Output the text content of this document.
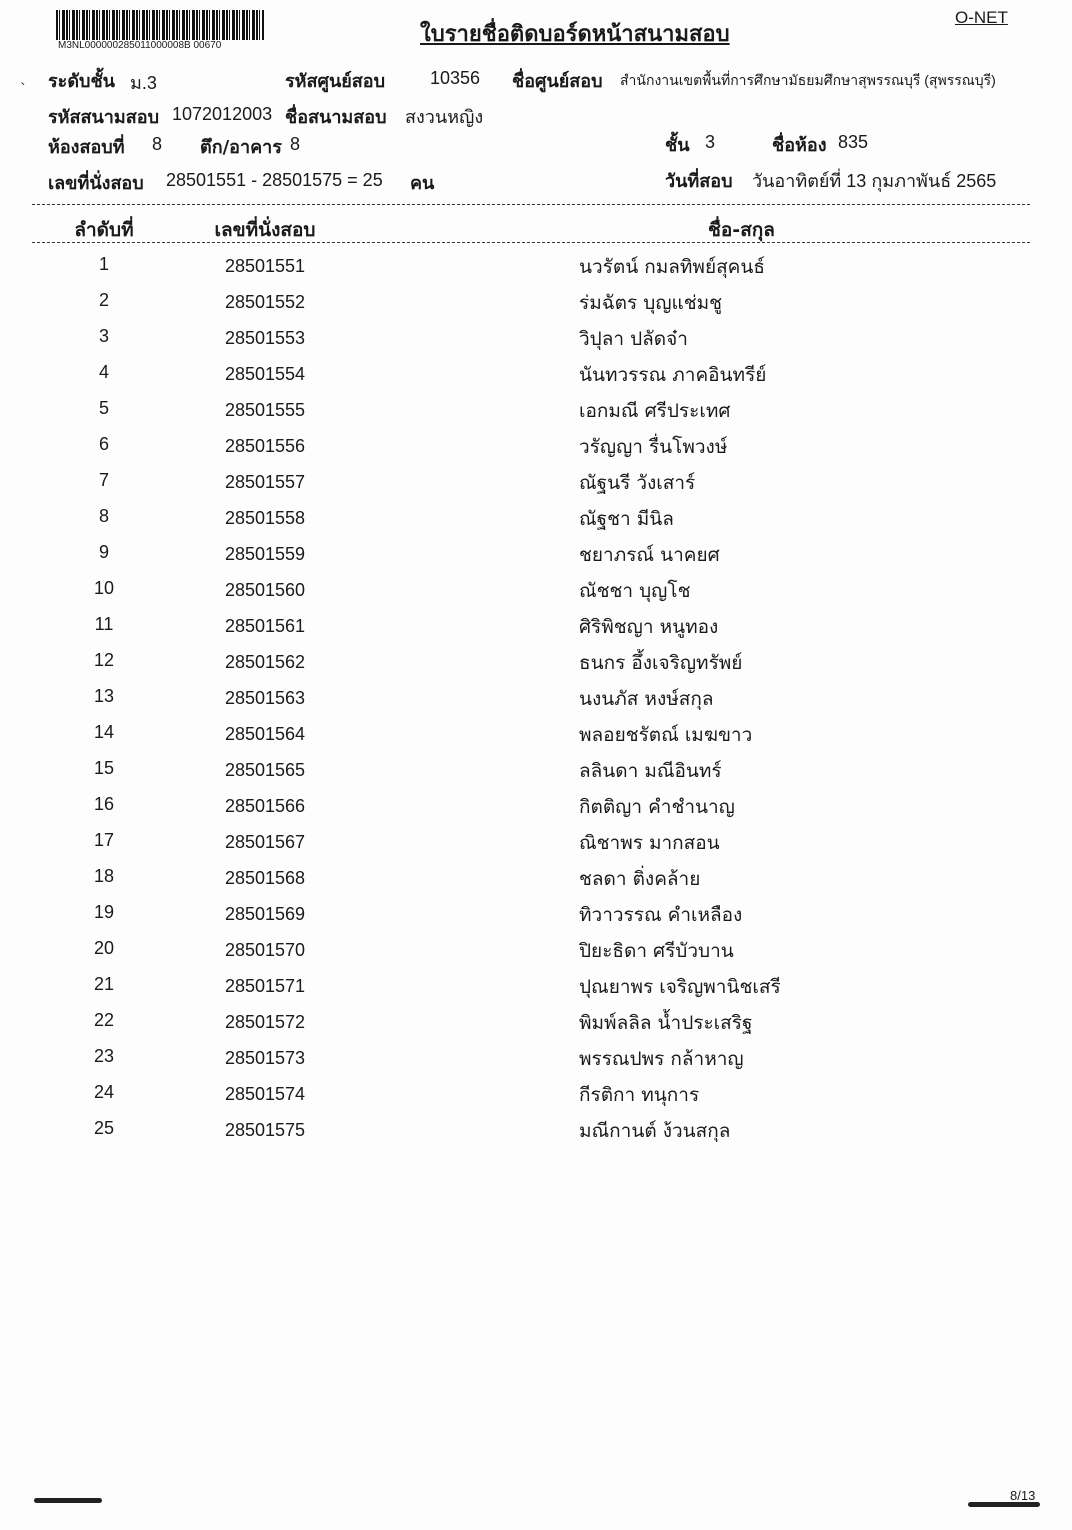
M3NL000000285011000008B 00670	ใบรายชื่อติดบอร์ดหน้าสนามสอบ
O-NET
` ระดับชั้น ม.3	รหัสศูนย์สอบ 10356 ชื่อศูนย์สอบ สำนักงานเขตพื้นที่การศึกษามัธยมศึกษาสุพรรณบุรี (สุพรรณบุรี)
รหัสสนามสอบ 1072012003 ชื่อสนามสอบ สงวนหญิง
ห้องสอบที่ 8 ตึก/อาคาร 8	ชั้น 3	ชื่อห้อง 835
เลขที่นั่งสอบ 28501551 - 28501575 = 25 คน	วันที่สอบ วันอาทิตย์ที่ 13 กุมภาพันธ์ 2565
ลำดับที่	เลขที่นั่งสอบ	ชื่อ-สกุล
1	28501551	นวรัตน์ กมลทิพย์สุคนธ์
2	28501552	ร่มฉัตร บุญแช่มชู
3	28501553	วิปุลา ปลัดจ๋า
4	28501554	นันทวรรณ ภาคอินทรีย์
5	28501555	เอกมณี ศรีประเทศ
6	28501556	วรัญญา รื่นโพวงษ์
7	28501557	ณัฐนรี วังเสาร์
8	28501558	ณัฐชา มีนิล
9	28501559	ชยาภรณ์ นาคยศ
10	28501560	ณัชชา บุญโช
11	28501561	ศิริพิชญา หนูทอง
12	28501562	ธนกร อึ้งเจริญทรัพย์
13	28501563	นงนภัส หงษ์สกุล
14	28501564	พลอยชรัตณ์ เมฆขาว
15	28501565	ลลินดา มณีอินทร์
16	28501566	กิตติญา คำชำนาญ
17	28501567	ณิชาพร มากสอน
18	28501568	ชลดา ติ่งคล้าย
19	28501569	ทิวาวรรณ คำเหลือง
20	28501570	ปิยะธิดา ศรีบัวบาน
21	28501571	ปุณยาพร เจริญพานิชเสรี
22	28501572	พิมพ์ลลิล น้ำประเสริฐ
23	28501573	พรรณปพร กล้าหาญ
24	28501574	กีรติกา ทนุการ
25	28501575	มณีกานต์ ง้วนสกุล
8/13
